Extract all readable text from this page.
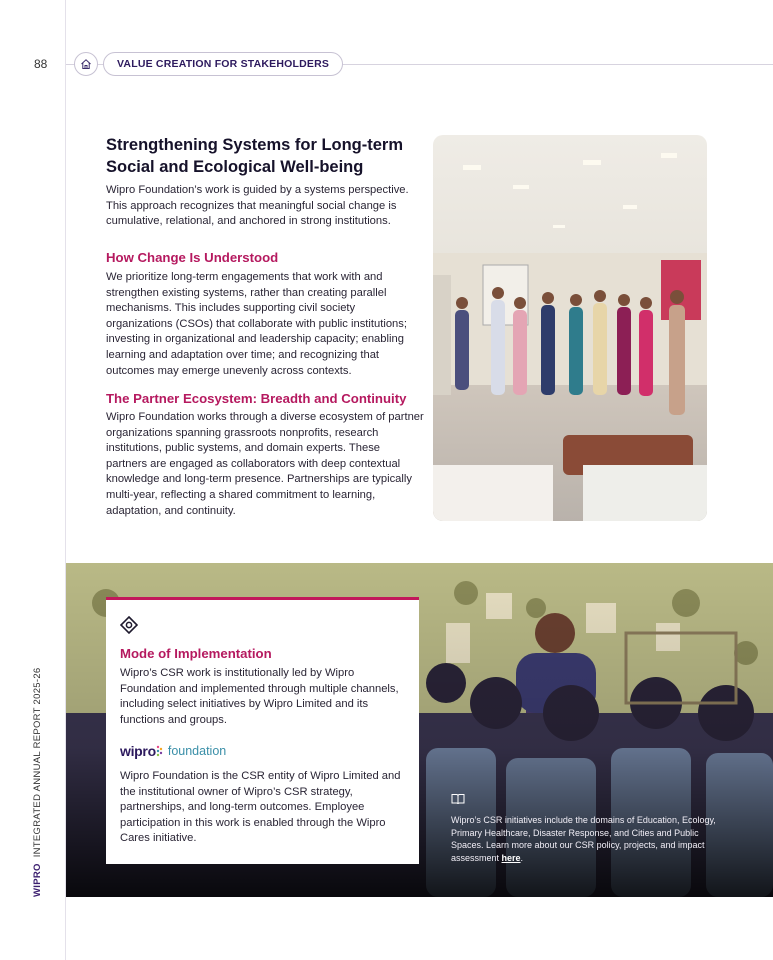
88
WIPROINTEGRATED ANNUAL REPORT 2025-26
VALUE CREATION FOR STAKEHOLDERS
Strengthening Systems for Long-term Social and Ecological Well-being
Wipro Foundation’s work is guided by a systems perspective. This approach recognizes that meaningful social change is cumulative, relational, and anchored in strong institutions.
How Change Is Understood
We prioritize long-term engagements that work with and strengthen existing systems, rather than creating parallel mechanisms. This includes supporting civil society organizations (CSOs) that collaborate with public institutions; investing in organizational and leadership capacity; enabling learning and adaptation over time; and recognizing that outcomes may emerge unevenly across contexts.
The Partner Ecosystem: Breadth and Continuity
Wipro Foundation works through a diverse ecosystem of partner organizations spanning grassroots nonprofits, research institutions, public systems, and domain experts. These partners are engaged as collaborators with deep contextual knowledge and long-term presence. Partnerships are typically multi-year, reflecting a shared commitment to learning, adaptation, and continuity.
Mode of Implementation
Wipro’s CSR work is institutionally led by Wipro Foundation and implemented through multiple channels, including select initiatives by Wipro Limited and its functions and groups.
wipro foundation
Wipro Foundation is the CSR entity of Wipro Limited and the institutional owner of Wipro’s CSR strategy, partnerships, and long-term outcomes. Employee participation in this work is enabled through the Wipro Cares initiative.
Wipro’s CSR initiatives include the domains of Education, Ecology, Primary Healthcare, Disaster Response, and Cities and Public Spaces. Learn more about our CSR policy, projects, and impact assessment here.
